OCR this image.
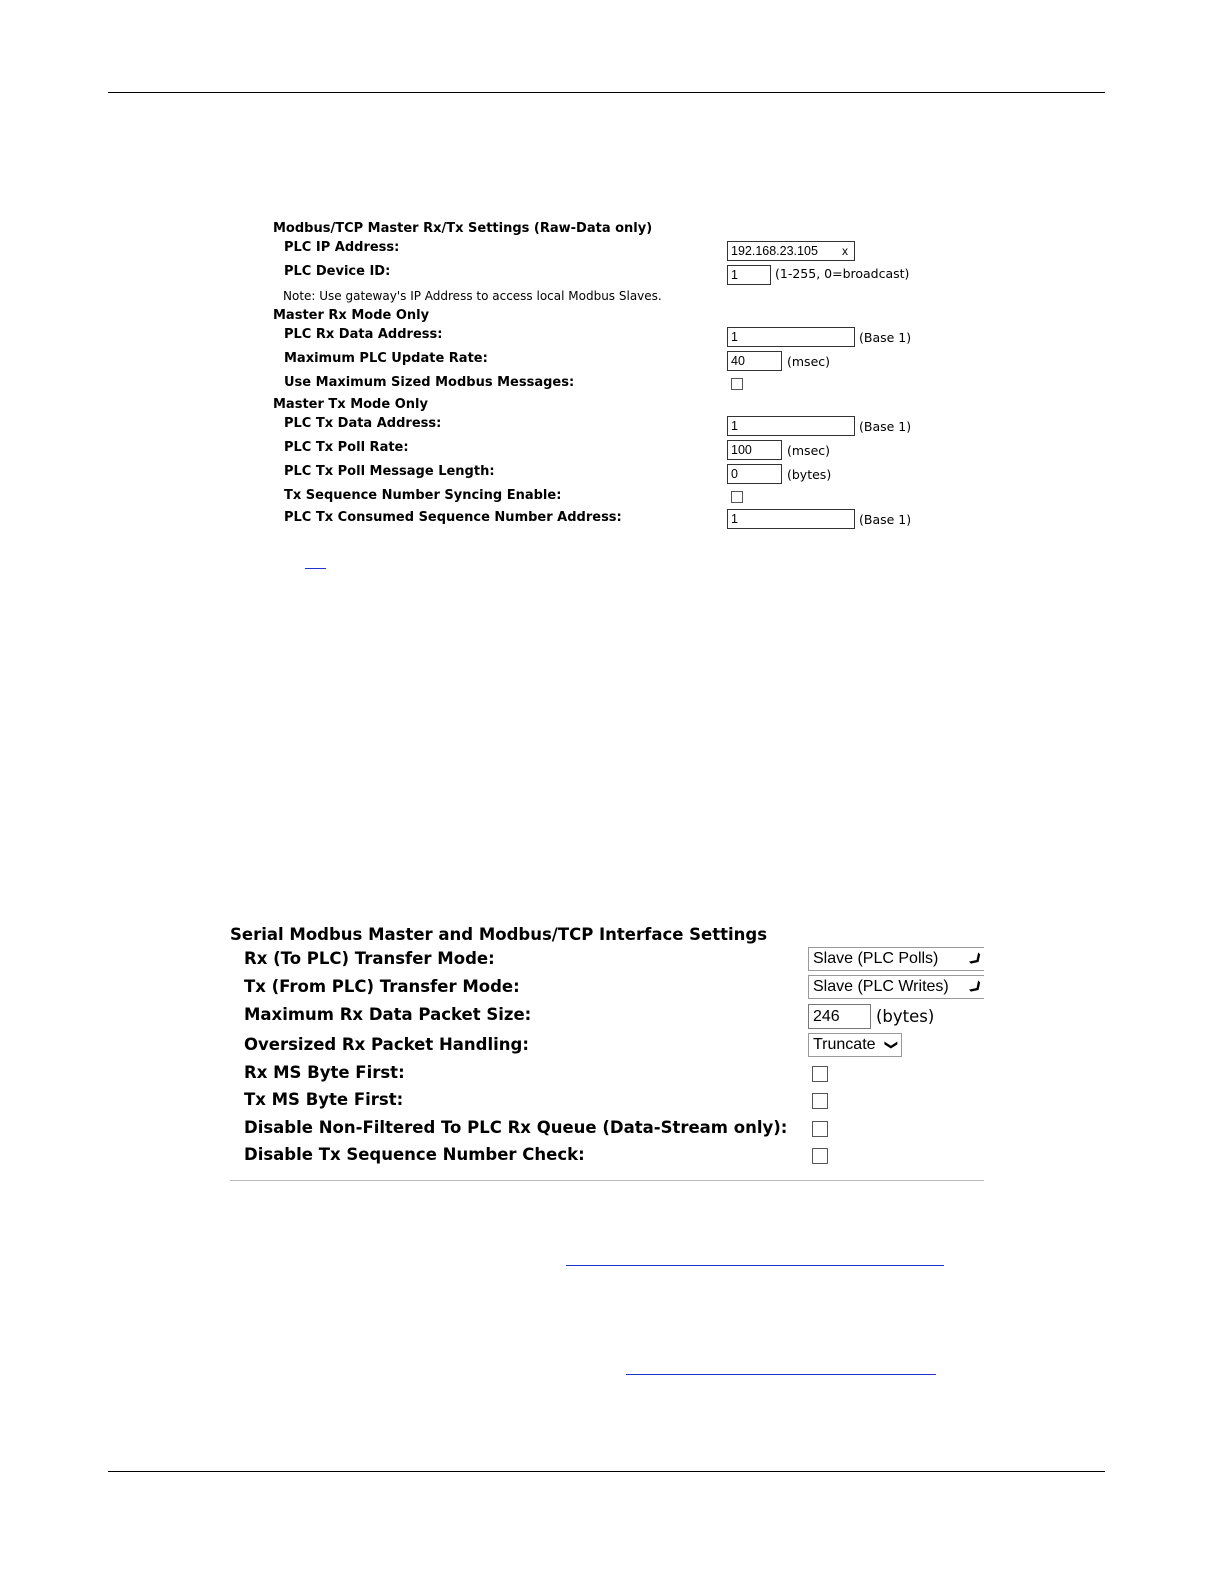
Modbus/TCP Master Rx/Tx Settings (Raw-Data only)
PLC IP Address:	192.168.23.105 x
PLC Device ID:	1	(1-255, 0=broadcast)
Note: Use gateway's IP Address to access local Modbus Slaves.
Master Rx Mode Only
PLC Rx Data Address:	1	(Base 1)
Maximum PLC Update Rate:	40	(msec)
Use Maximum Sized Modbus Messages:
Master Tx Mode Only
PLC Tx Data Address:	1	(Base 1)
PLC Tx Poll Rate:	100	(msec)
PLC Tx Poll Message Length:	0	(bytes)
Tx Sequence Number Syncing Enable:
PLC Tx Consumed Sequence Number Address:	1	(Base 1)
Serial Modbus Master and Modbus/TCP Interface Settings
Rx (To PLC) Transfer Mode:	Slave (PLC Polls) ❯
Tx (From PLC) Transfer Mode:	Slave (PLC Writes) ❯
Maximum Rx Data Packet Size:	246	(bytes)
Oversized Rx Packet Handling:	Truncate ❯
Rx MS Byte First:
Tx MS Byte First:
Disable Non-Filtered To PLC Rx Queue (Data-Stream only):
Disable Tx Sequence Number Check:
